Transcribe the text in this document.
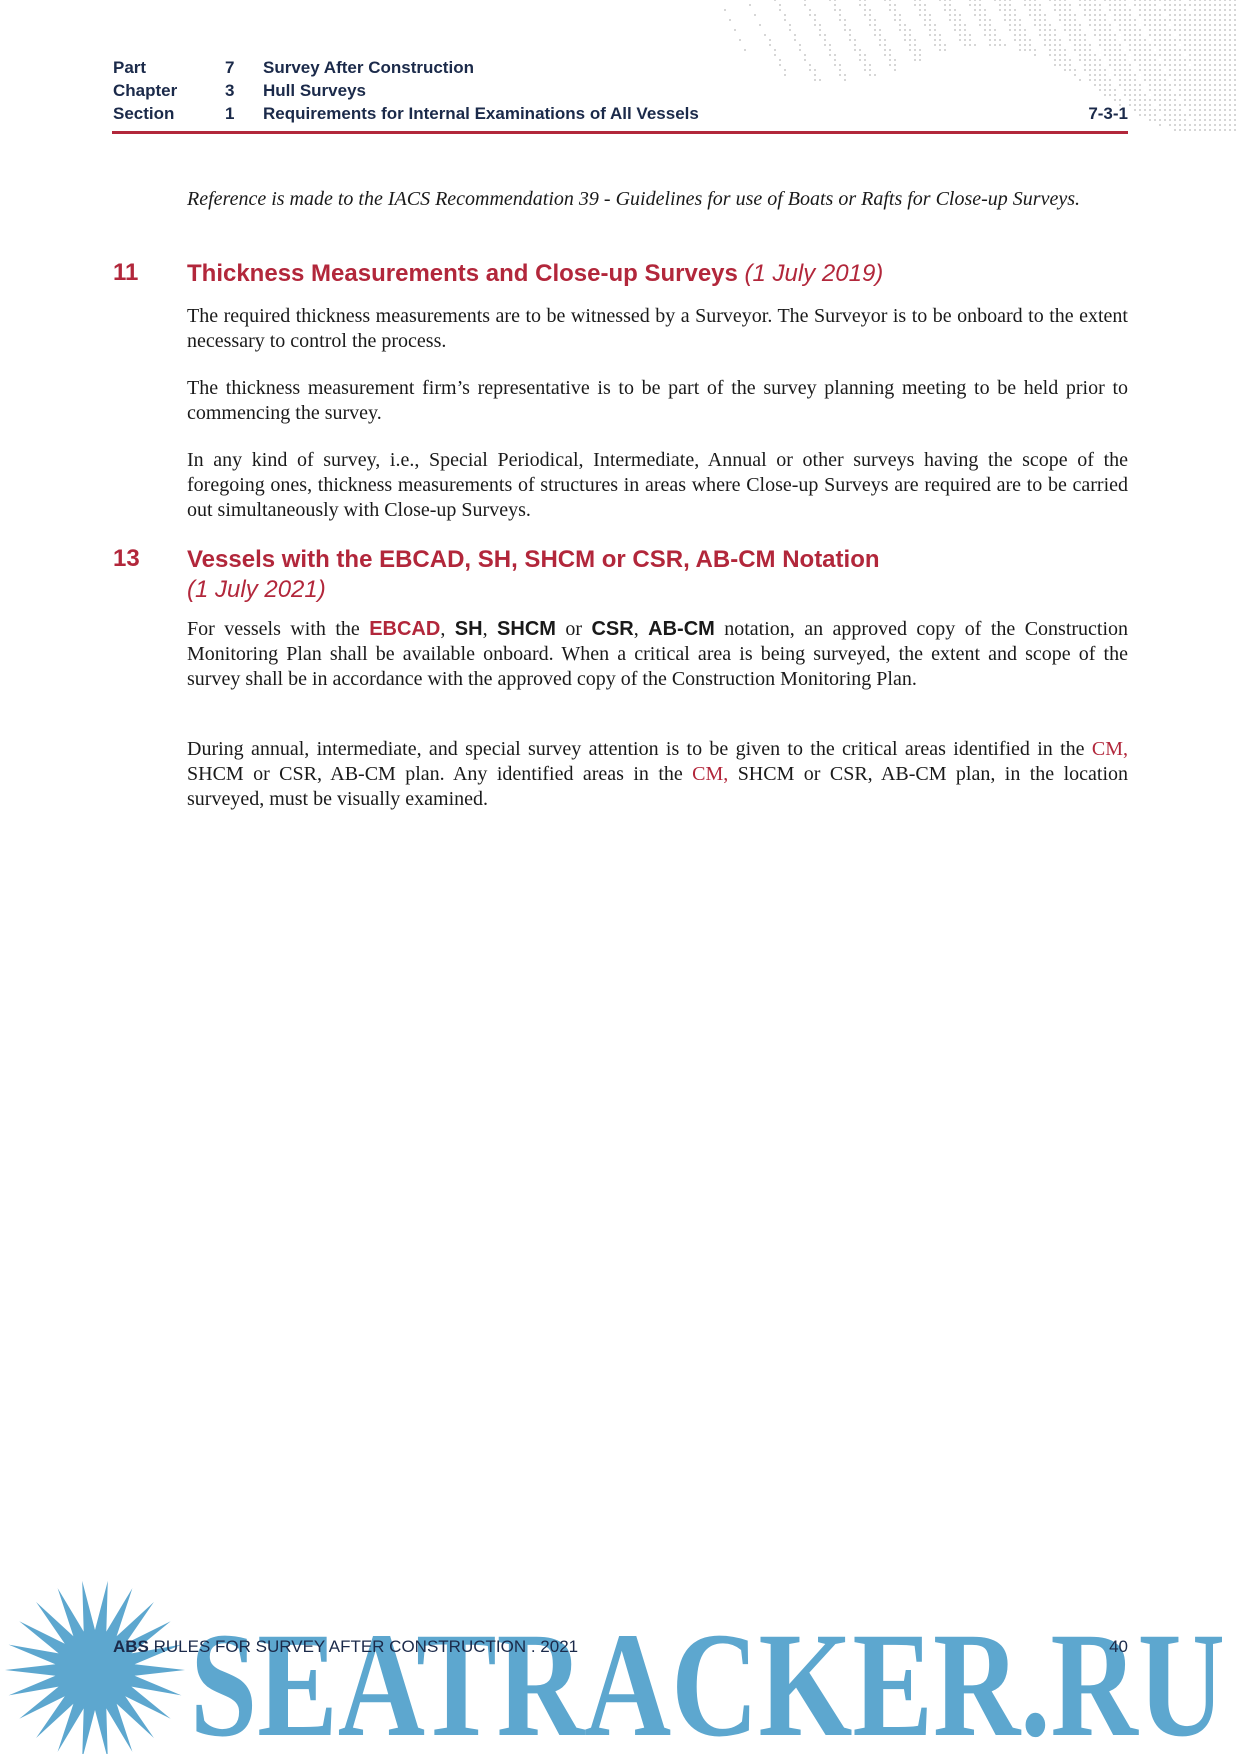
Part	7 Survey After Construction
Chapter	3 Hull Surveys
Section	1 Requirements for Internal Examinations of All Vessels	7-3-1
Reference is made to the IACS Recommendation 39 - Guidelines for use of Boats or Rafts for Close-up Surveys.
11 Thickness Measurements and Close-up Surveys (1 July 2019)
The required thickness measurements are to be witnessed by a Surveyor. The Surveyor is to be onboard to the extent necessary to control the process.
The thickness measurement firm’s representative is to be part of the survey planning meeting to be held prior to commencing the survey.
In any kind of survey, i.e., Special Periodical, Intermediate, Annual or other surveys having the scope of the foregoing ones, thickness measurements of structures in areas where Close-up Surveys are required are to be carried out simultaneously with Close-up Surveys.
13 Vessels with the EBCAD, SH, SHCM or CSR, AB-CM Notation
(1 July 2021)
For vessels with the EBCAD, SH, SHCM or CSR, AB-CM notation, an approved copy of the Construction Monitoring Plan shall be available onboard. When a critical area is being surveyed, the extent and scope of the survey shall be in accordance with the approved copy of the Construction Monitoring Plan.
During annual, intermediate, and special survey attention is to be given to the critical areas identified in the CM, SHCM or CSR, AB-CM plan. Any identified areas in the CM, SHCM or CSR, AB-CM plan, in the location surveyed, must be visually examined.
SEATRACKER.RU
ABS RULES FOR SURVEY AFTER CONSTRUCTION . 2021	40
